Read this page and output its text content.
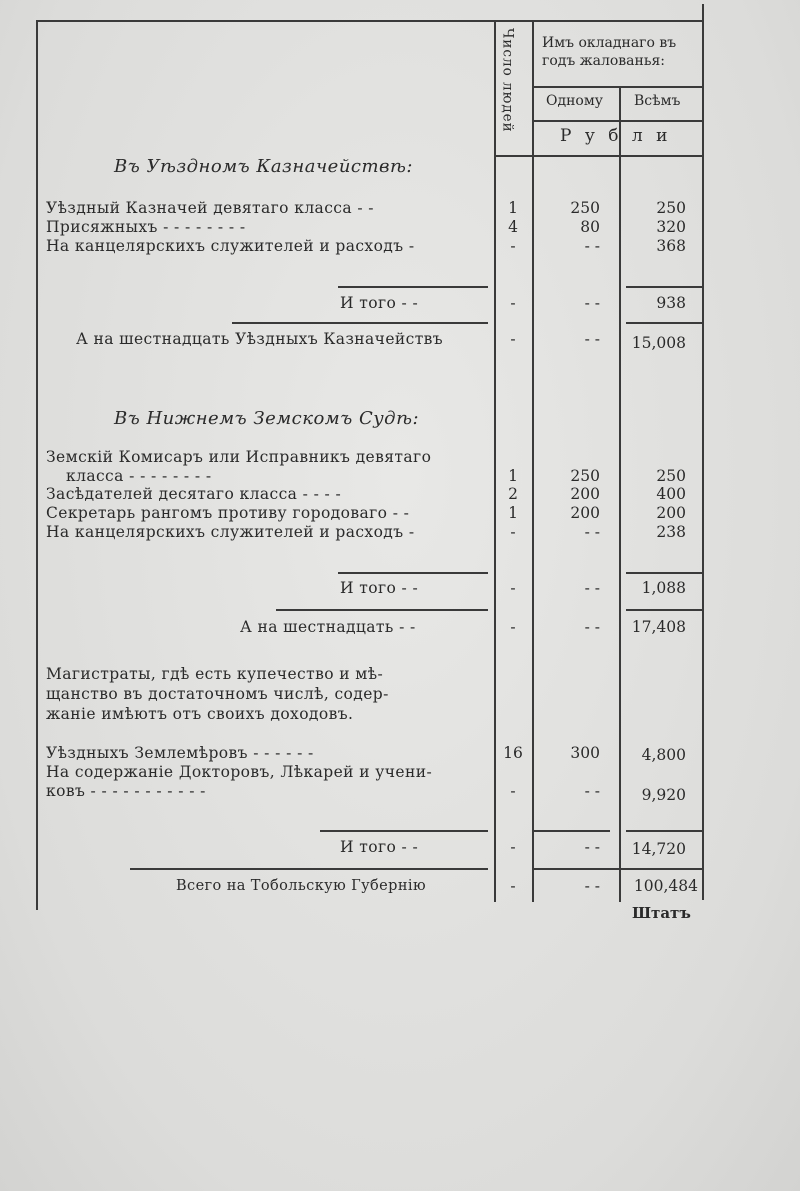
Число людей Имъ окладнаго въ годъ жалованья:
Одному Всѣмъ
Р у б л и
Въ Уѣздномъ Казначействѣ:
Уѣздный Казначей девятаго класса - -	1	250	250
Присяжныхъ - - - - - - - -	4	80	320
На канцелярскихъ служителей и расходъ -	-	- -	368
И того - -	-	- -	938
А на шестнадцать Уѣздныхъ Казначействъ	-	- -	15,008
Въ Нижнемъ Земскомъ Судѣ:
Земскій Комисаръ или Исправникъ девятаго
класса - - - - - - - -	1	250	250
Засѣдателей десятаго класса - - - -	2	200	400
Секретарь рангомъ противу городоваго - -	1	200	200
На канцелярскихъ служителей и расходъ -	-	- -	238
И того - -	-	- -	1,088
А на шестнадцать - -	-	- -	17,408
Магистраты, гдѣ есть купечество и мѣ-
щанство въ достаточномъ числѣ, содер-
жаніе имѣютъ отъ своихъ доходовъ.
Уѣздныхъ Землемѣровъ - - - - - -	16	300	4,800
На содержаніе Докторовъ, Лѣкарей и учени-
ковъ - - - - - - - - - - -	-	- -	9,920
И того - -	-	- -	14,720
Всего на Тобольскую Губернію	-	- -	100,484
Штатъ
